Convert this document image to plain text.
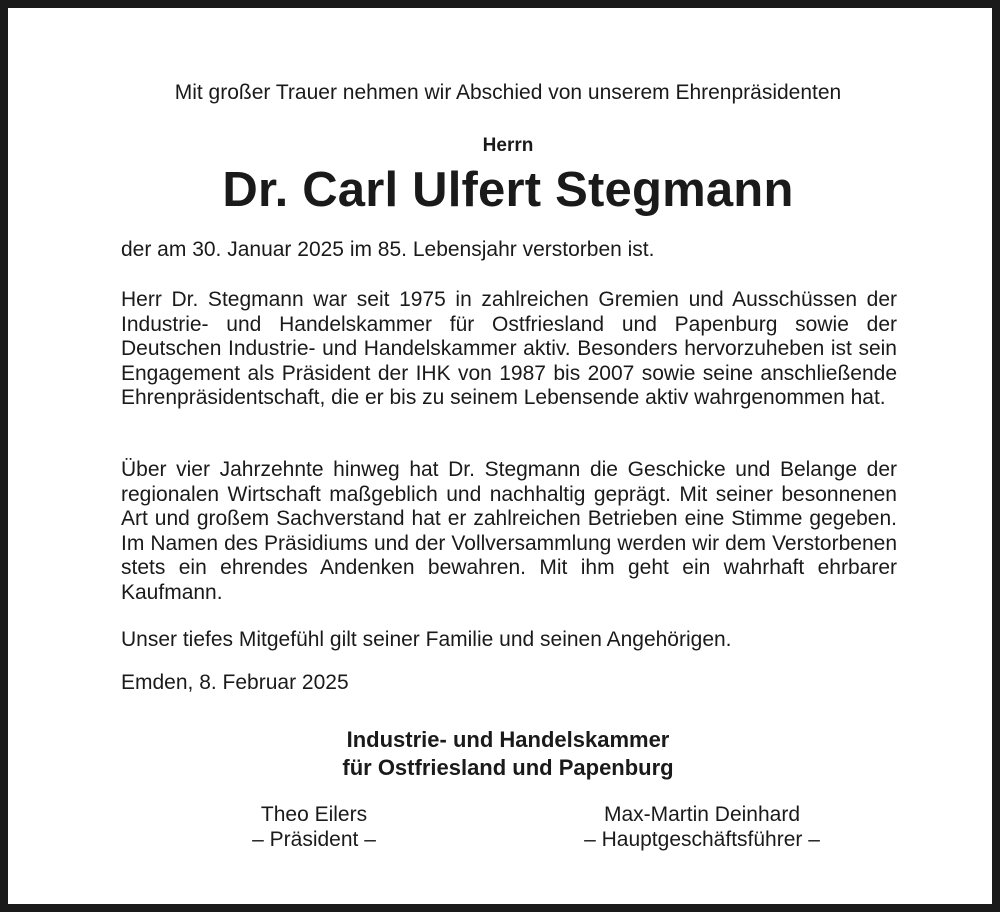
Mit großer Trauer nehmen wir Abschied von unserem Ehrenpräsidenten
Herrn
Dr. Carl Ulfert Stegmann
der am 30. Januar 2025 im 85. Lebensjahr verstorben ist.
Herr Dr. Stegmann war seit 1975 in zahlreichen Gremien und Ausschüssen der Industrie- und Handelskammer für Ostfriesland und Papenburg sowie der Deutschen Industrie- und Handelskammer aktiv. Besonders hervorzuheben ist sein Engagement als Präsident der IHK von 1987 bis 2007 sowie seine anschließende Ehrenpräsidentschaft, die er bis zu seinem Lebensende aktiv wahrgenommen hat.
Über vier Jahrzehnte hinweg hat Dr. Stegmann die Geschicke und Belange der regionalen Wirtschaft maßgeblich und nachhaltig geprägt. Mit seiner besonnenen Art und großem Sachverstand hat er zahlreichen Betrieben eine Stimme gegeben. Im Namen des Präsidiums und der Vollversammlung werden wir dem Verstorbenen stets ein ehrendes Andenken bewahren. Mit ihm geht ein wahrhaft ehrbarer Kaufmann.
Unser tiefes Mitgefühl gilt seiner Familie und seinen Angehörigen.
Emden, 8. Februar 2025
Industrie- und Handelskammer
für Ostfriesland und Papenburg
Theo Eilers
– Präsident –
Max-Martin Deinhard
– Hauptgeschäftsführer –
